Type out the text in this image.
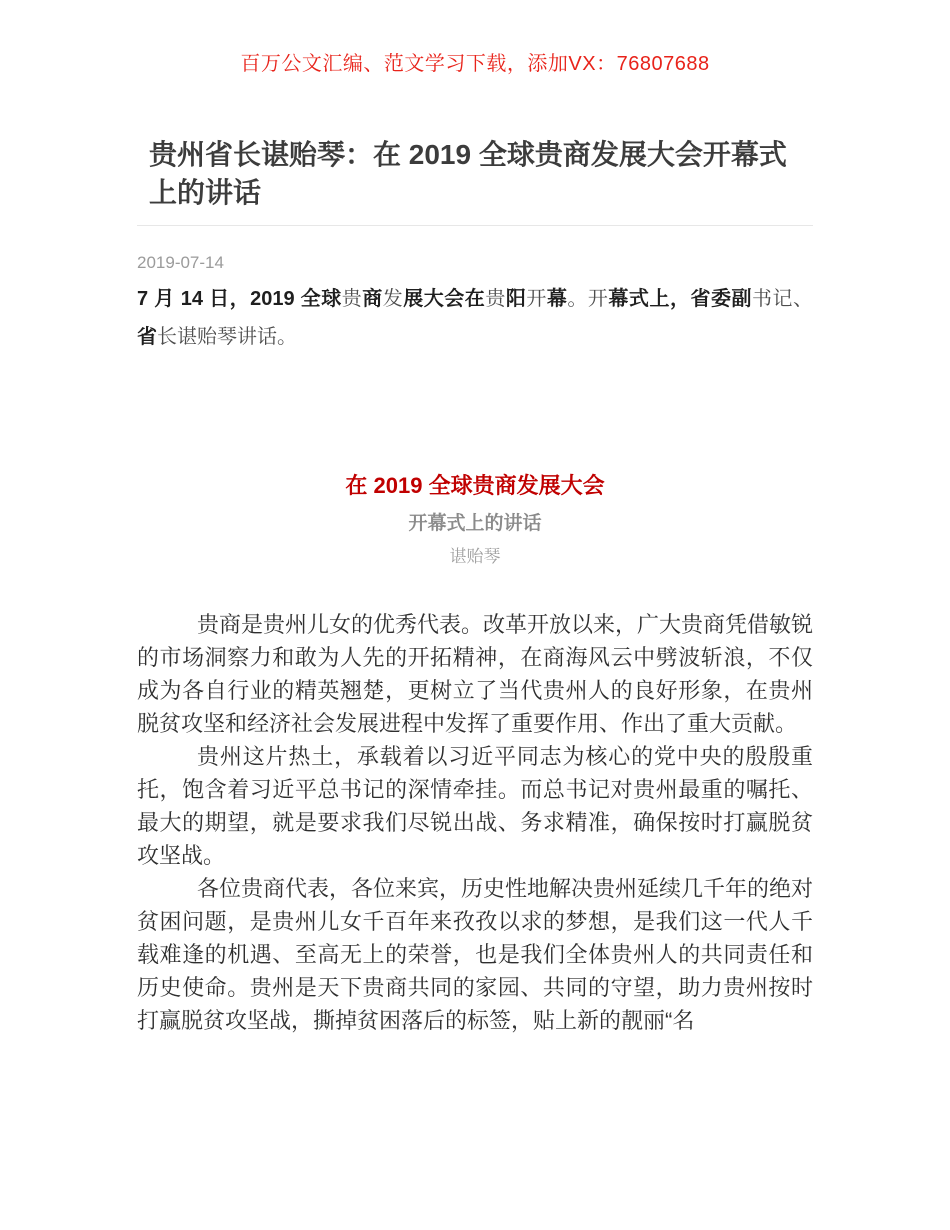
百万公文汇编、范文学习下载，添加VX：76807688
贵州省长谌贻琴：在 2019 全球贵商发展大会开幕式上的讲话
2019-07-14

7 月 14 日，2019 全球贵商发展大会在贵阳开幕。开幕式上，省委副书记、省长谌贻琴讲话。

在 2019 全球贵商发展大会
开幕式上的讲话
谌贻琴

贵商是贵州儿女的优秀代表。改革开放以来，广大贵商凭借敏锐的市场洞察力和敢为人先的开拓精神，在商海风云中劈波斩浪，不仅成为各自行业的精英翘楚，更树立了当代贵州人的良好形象，在贵州脱贫攻坚和经济社会发展进程中发挥了重要作用、作出了重大贡献。

贵州这片热土，承载着以习近平同志为核心的党中央的殷殷重托，饱含着习近平总书记的深情牵挂。而总书记对贵州最重的嘱托、最大的期望，就是要求我们尽锐出战、务求精准，确保按时打赢脱贫攻坚战。

各位贵商代表，各位来宾，历史性地解决贵州延续几千年的绝对贫困问题，是贵州儿女千百年来孜孜以求的梦想，是我们这一代人千载难逢的机遇、至高无上的荣誉，也是我们全体贵州人的共同责任和历史使命。贵州是天下贵商共同的家园、共同的守望，助力贵州按时打赢脱贫攻坚战，撕掉贫困落后的标签，贴上新的靓丽“名
